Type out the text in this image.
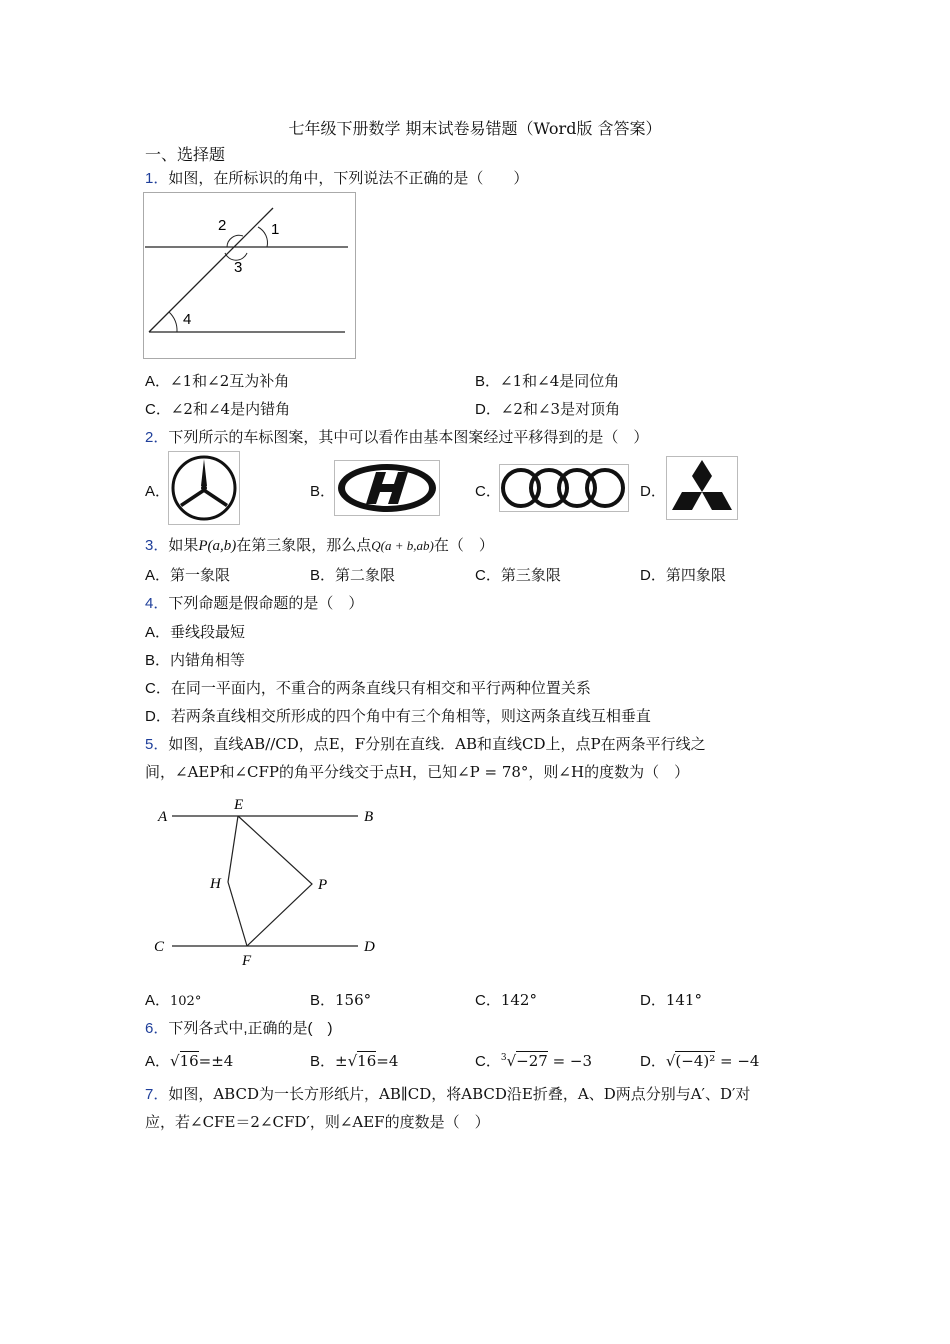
七年级下册数学 期末试卷易错题（Word版 含答案）
一、选择题
1．如图，在所标识的角中，下列说法不正确的是（　　）
2	1
3
4
A．∠1和∠2互为补角	B．∠1和∠4是同位角
C．∠2和∠4是内错角	D．∠2和∠3是对顶角
2．下列所示的车标图案，其中可以看作由基本图案经过平移得到的是（　）
A．	B．	C．	D．
3．如果P(a,b)在第三象限，那么点Q(a + b,ab)在（　）
A．第一象限	B．第二象限	C．第三象限	D．第四象限
4．下列命题是假命题的是（　）
A．垂线段最短
B．内错角相等
C．在同一平面内，不重合的两条直线只有相交和平行两种位置关系
D．若两条直线相交所形成的四个角中有三个角相等，则这两条直线互相垂直
5．如图，直线AB//CD，点E，F分别在直线．AB和直线CD上，点P在两条平行线之
间，∠AEP和∠CFP的角平分线交于点H，已知∠P = 78°，则∠H的度数为（　）
A	B
C	D
E
F
H	P
A．102°	B．156°	C．142°	D．141°
6．下列各式中,正确的是(　)
A．√16=±4	B．±√16=4	C．$^3$√−27 = −3	D．√(−4)² = −4
7．如图，ABCD为一长方形纸片，AB∥CD，将ABCD沿E折叠，A、D两点分别与A′、D′对
应，若∠CFE＝2∠CFD′，则∠AEF的度数是（　）
